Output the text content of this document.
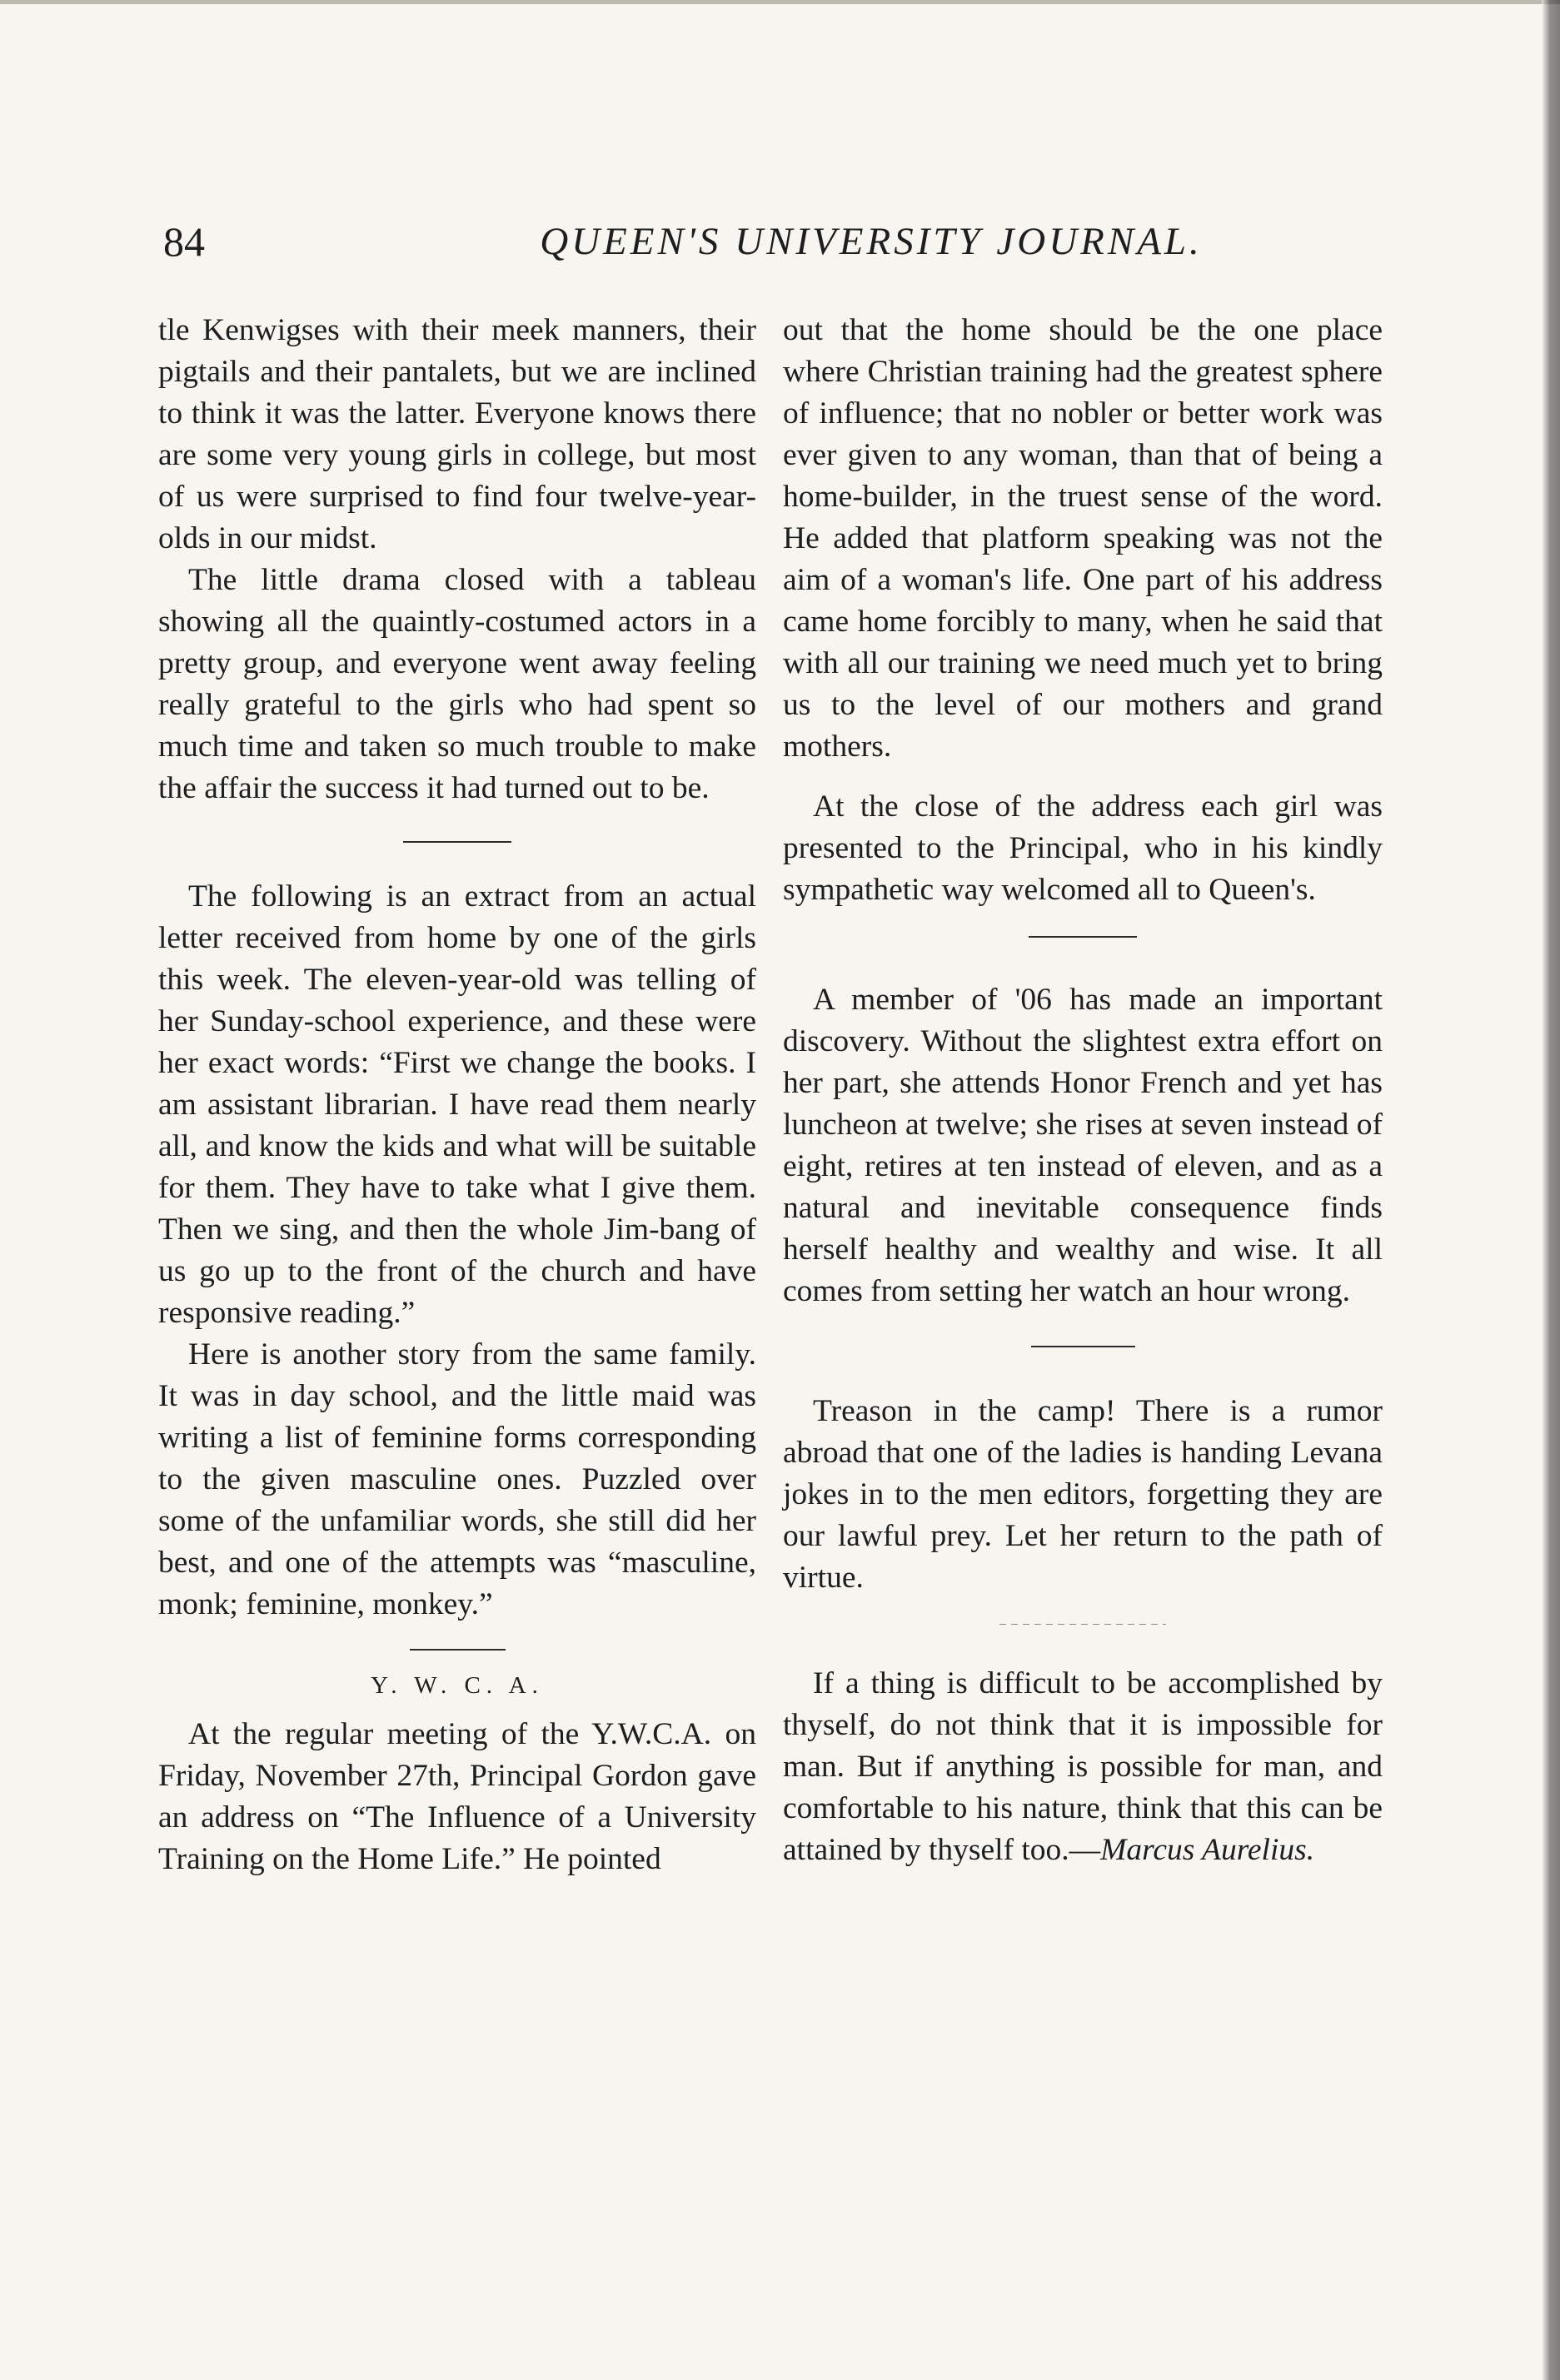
84	QUEEN'S UNIVERSITY JOURNAL.

tle Kenwigses with their meek manners, their pigtails and their pantalets, but we are inclined to think it was the latter. Everyone knows there are some very young girls in college, but most of us were surprised to find four twelve-year-olds in our midst.

The little drama closed with a tableau showing all the quaintly-costumed actors in a pretty group, and everyone went away feeling really grateful to the girls who had spent so much time and taken so much trouble to make the affair the success it had turned out to be.

The following is an extract from an actual letter received from home by one of the girls this week. The eleven-year-old was telling of her Sunday-school experience, and these were her exact words: “First we change the books. I am assistant librarian. I have read them nearly all, and know the kids and what will be suitable for them. They have to take what I give them. Then we sing, and then the whole Jim-bang of us go up to the front of the church and have responsive reading.”

Here is another story from the same family. It was in day school, and the little maid was writing a list of feminine forms corresponding to the given masculine ones. Puzzled over some of the unfamiliar words, she still did her best, and one of the attempts was “masculine, monk; feminine, monkey.”

Y. W. C. A.

At the regular meeting of the Y.W.C.A. on Friday, November 27th, Principal Gordon gave an address on “The Influence of a University Training on the Home Life.” He pointed

out that the home should be the one place where Christian training had the greatest sphere of influence; that no nobler or better work was ever given to any woman, than that of being a home-builder, in the truest sense of the word. He added that platform speaking was not the aim of a woman's life. One part of his address came home forcibly to many, when he said that with all our training we need much yet to bring us to the level of our mothers and grand mothers.

At the close of the address each girl was presented to the Principal, who in his kindly sympathetic way welcomed all to Queen's.

A member of '06 has made an important discovery. Without the slightest extra effort on her part, she attends Honor French and yet has luncheon at twelve; she rises at seven instead of eight, retires at ten instead of eleven, and as a natural and inevitable consequence finds herself healthy and wealthy and wise. It all comes from setting her watch an hour wrong.

Treason in the camp! There is a rumor abroad that one of the ladies is handing Levana jokes in to the men editors, forgetting they are our lawful prey. Let her return to the path of virtue.

If a thing is difficult to be accomplished by thyself, do not think that it is impossible for man. But if anything is possible for man, and comfortable to his nature, think that this can be attained by thyself too.—Marcus Aurelius.
